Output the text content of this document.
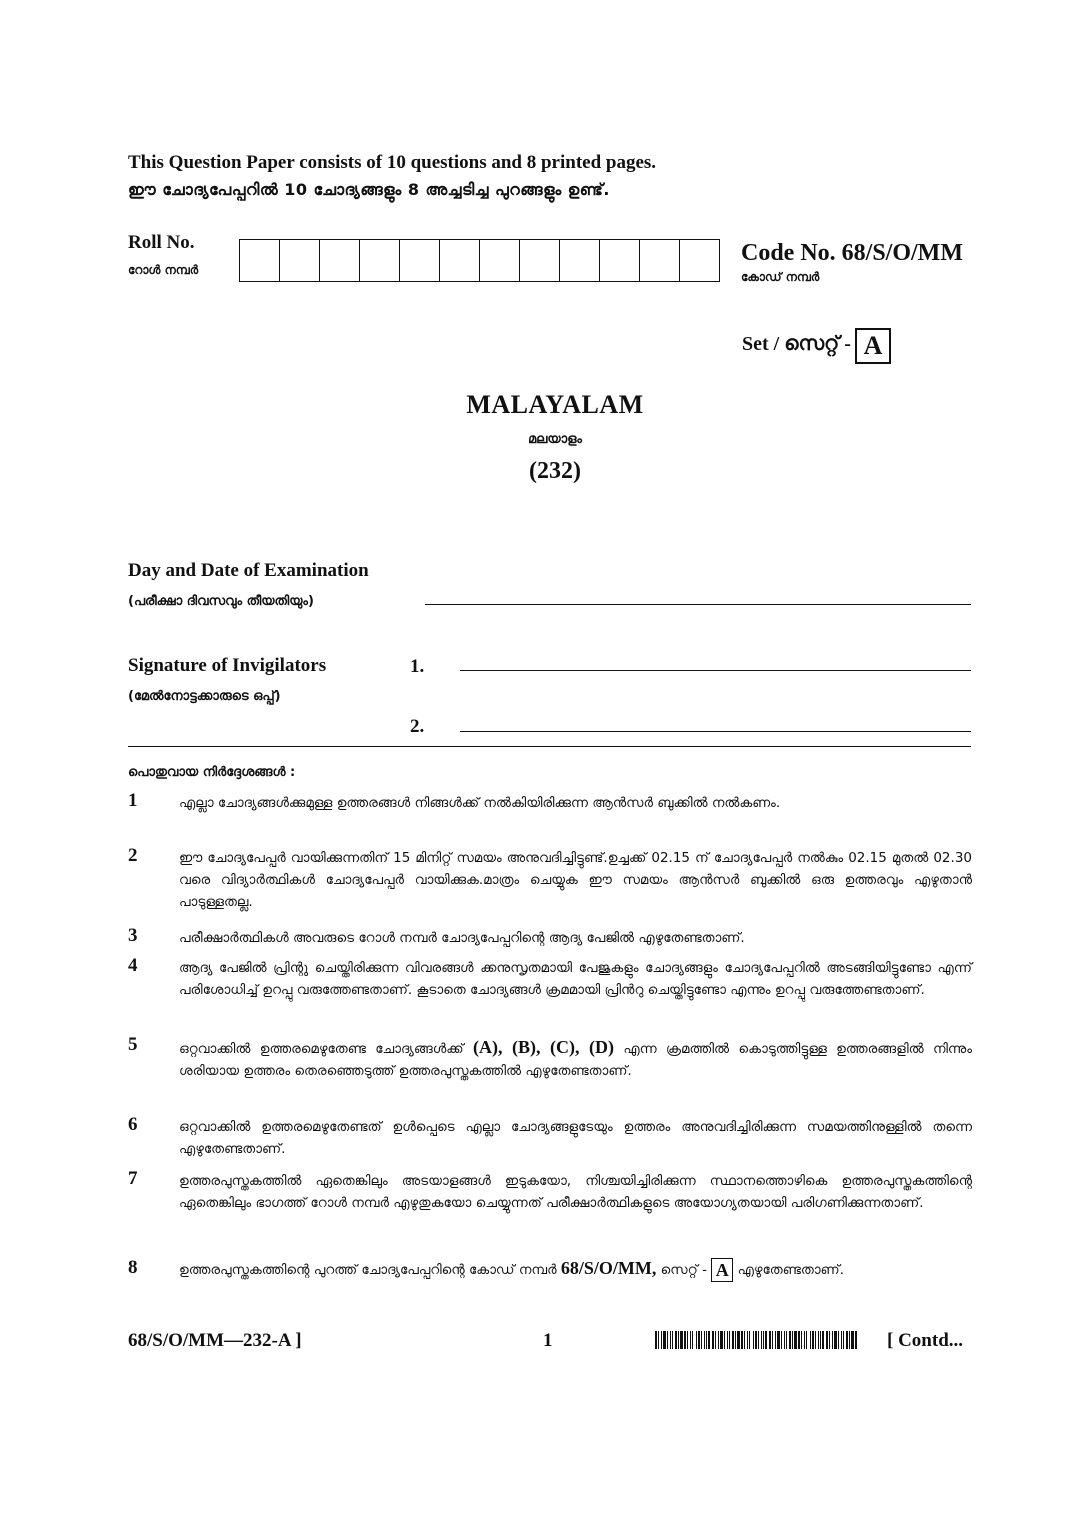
This Question Paper consists of 10 questions and 8 printed pages.
ഈ ചോദ്യപേപ്പറിൽ 10 ചോദ്യങ്ങളും 8 അച്ചടിച്ച പുറങ്ങളും ഉണ്ട്.
Roll No.
റോൾ നമ്പർ
Code No. 68/S/O/MM
കോഡ് നമ്പർ
Set / സെറ്റ് - A
MALAYALAM
മലയാളം
(232)
Day and Date of Examination
(പരീക്ഷാ ദിവസവും തീയതിയും)
Signature of Invigilators
(മേൽനോട്ടക്കാരുടെ ഒപ്പ്)
1.
2.
പൊതുവായ നിർദ്ദേശങ്ങൾ :
1	എല്ലാ ചോദ്യങ്ങൾക്കുമുള്ള ഉത്തരങ്ങൾ നിങ്ങൾക്ക് നൽകിയിരിക്കുന്ന ആൻസർ ബുക്കിൽ നൽകണം.
2	ഈ ചോദ്യപേപ്പർ വായിക്കുന്നതിന് 15 മിനിറ്റ് സമയം അനുവദിച്ചിട്ടുണ്ട്.ഉച്ചക്ക് 02.15 ന് ചോദ്യപേപ്പർ നൽകും 02.15 മുതൽ 02.30 വരെ വിദ്യാർത്ഥികൾ ചോദ്യപേപ്പർ വായിക്കുക.മാത്രം ചെയ്യുക ഈ സമയം ആൻസർ ബുക്കിൽ ഒരു ഉത്തരവും എഴുതാൻ പാടുള്ളതല്ല.
3	പരീക്ഷാർത്ഥികൾ അവരുടെ റോൾ നമ്പർ ചോദ്യപേപ്പറിന്റെ ആദ്യ പേജിൽ എഴുതേണ്ടതാണ്.
4	ആദ്യ പേജിൽ പ്രിന്റു ചെയ്തിരിക്കുന്ന വിവരങ്ങൾ ക്കനുസൃതമായി പേജുകളും ചോദ്യങ്ങളും ചോദ്യപേപ്പറിൽ അടങ്ങിയിട്ടുണ്ടോ എന്ന് പരിശോധിച്ച് ഉറപ്പു വരുത്തേണ്ടതാണ്. കൂടാതെ ചോദ്യങ്ങൾ ക്രമമായി പ്രിൻറു ചെയ്തിട്ടുണ്ടോ എന്നും ഉറപ്പു വരുത്തേണ്ടതാണ്.
5	ഒറ്റവാക്കിൽ ഉത്തരമെഴുതേണ്ട ചോദ്യങ്ങൾക്ക് (A), (B), (C), (D) എന്ന ക്രമത്തിൽ കൊടുത്തിട്ടുള്ള ഉത്തരങ്ങളിൽ നിന്നും ശരിയായ ഉത്തരം തെരഞ്ഞെടുത്ത് ഉത്തരപുസ്തകത്തിൽ എഴുതേണ്ടതാണ്.
6	ഒറ്റവാക്കിൽ ഉത്തരമെഴുതേണ്ടത് ഉൾപ്പെടെ എല്ലാ ചോദ്യങ്ങളുടേയും ഉത്തരം അനുവദിച്ചിരിക്കുന്ന സമയത്തിനുള്ളിൽ തന്നെ എഴുതേണ്ടതാണ്.
7	ഉത്തരപുസ്തകത്തിൽ ഏതെങ്കിലും അടയാളങ്ങൾ ഇടുകയോ, നിശ്ചയിച്ചിരിക്കുന്ന സ്ഥാനത്തൊഴികെ ഉത്തരപുസ്തകത്തിന്റെ ഏതെങ്കിലും ഭാഗത്ത് റോൾ നമ്പർ എഴുതുകയോ ചെയ്യുന്നത് പരീക്ഷാർത്ഥികളുടെ അയോഗ്യതയായി പരിഗണിക്കുന്നതാണ്.
8	ഉത്തരപുസ്തകത്തിന്റെ പുറത്ത് ചോദ്യപേപ്പറിന്റെ കോഡ് നമ്പർ 68/S/O/MM, സെറ്റ് - A എഴുതേണ്ടതാണ്.
68/S/O/MM—232-A ]	1	[ Contd...
